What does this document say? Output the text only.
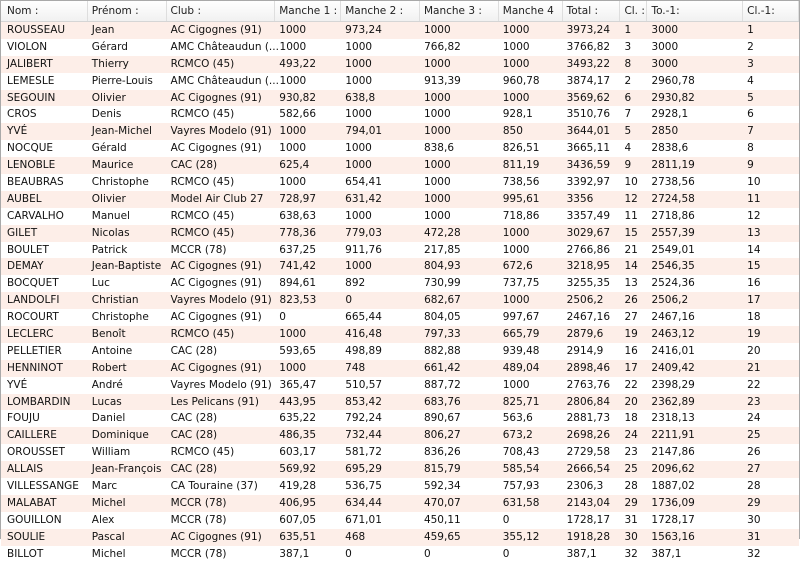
Nom :	Prénom :	Club :	Manche 1 : Manche 2 :	Manche 3 :	Manche 4	Total :	Cl. : To.-1:	Cl.-1:
ROUSSEAU	Jean	AC Cigognes (91)	1000	973,24	1000	1000	3973,24	1	3000	1
VIOLON	Gérard	AMC Châteaudun (... 1000	1000	766,82	1000	3766,82	3	3000	2
JALIBERT	Thierry	RCMCO (45)	493,22	1000	1000	1000	3493,22	8	3000	3
LEMESLE	Pierre-Louis	AMC Châteaudun (... 1000	1000	913,39	960,78	3874,17	2	2960,78	4
SEGOUIN	Olivier	AC Cigognes (91)	930,82	638,8	1000	1000	3569,62	6	2930,82	5
CROS	Denis	RCMCO (45)	582,66	1000	1000	928,1	3510,76	7	2928,1	6
YVÉ	Jean-Michel	Vayres Modelo (91) 1000	794,01	1000	850	3644,01	5	2850	7
NOCQUE	Gérald	AC Cigognes (91)	1000	1000	838,6	826,51	3665,11	4	2838,6	8
LENOBLE	Maurice	CAC (28)	625,4	1000	1000	811,19	3436,59	9	2811,19	9
BEAUBRAS	Christophe	RCMCO (45)	1000	654,41	1000	738,56	3392,97	10	2738,56	10
AUBEL	Olivier	Model Air Club 27	728,97	631,42	1000	995,61	3356	12	2724,58	11
CARVALHO	Manuel	RCMCO (45)	638,63	1000	1000	718,86	3357,49	11	2718,86	12
GILET	Nicolas	RCMCO (45)	778,36	779,03	472,28	1000	3029,67	15	2557,39	13
BOULET	Patrick	MCCR (78)	637,25	911,76	217,85	1000	2766,86	21	2549,01	14
DEMAY	Jean-Baptiste AC Cigognes (91)	741,42	1000	804,93	672,6	3218,95	14	2546,35	15
BOCQUET	Luc	AC Cigognes (91)	894,61	892	730,99	737,75	3255,35	13	2524,36	16
LANDOLFI	Christian	Vayres Modelo (91) 823,53	0	682,67	1000	2506,2	26	2506,2	17
ROCOURT	Christophe	AC Cigognes (91)	0	665,44	804,05	997,67	2467,16	27	2467,16	18
LECLERC	Benoît	RCMCO (45)	1000	416,48	797,33	665,79	2879,6	19	2463,12	19
PELLETIER	Antoine	CAC (28)	593,65	498,89	882,88	939,48	2914,9	16	2416,01	20
HENNINOT	Robert	AC Cigognes (91)	1000	748	661,42	489,04	2898,46	17	2409,42	21
YVÉ	André	Vayres Modelo (91) 365,47	510,57	887,72	1000	2763,76	22	2398,29	22
LOMBARDIN	Lucas	Les Pelicans (91)	443,95	853,42	683,76	825,71	2806,84	20	2362,89	23
FOUJU	Daniel	CAC (28)	635,22	792,24	890,67	563,6	2881,73	18	2318,13	24
CAILLERE	Dominique	CAC (28)	486,35	732,44	806,27	673,2	2698,26	24	2211,91	25
OROUSSET	William	RCMCO (45)	603,17	581,72	836,26	708,43	2729,58	23	2147,86	26
ALLAIS	Jean-François CAC (28)	569,92	695,29	815,79	585,54	2666,54	25	2096,62	27
VILLESSANGE	Marc	CA Touraine (37)	419,28	536,75	592,34	757,93	2306,3	28	1887,02	28
MALABAT	Michel	MCCR (78)	406,95	634,44	470,07	631,58	2143,04	29	1736,09	29
GOUILLON	Alex	MCCR (78)	607,05	671,01	450,11	0	1728,17	31	1728,17	30
SOULIE	Pascal	AC Cigognes (91)	635,51	468	459,65	355,12	1918,28	30	1563,16	31
BILLOT	Michel	MCCR (78)	387,1	0	0	0	387,1	32	387,1	32
